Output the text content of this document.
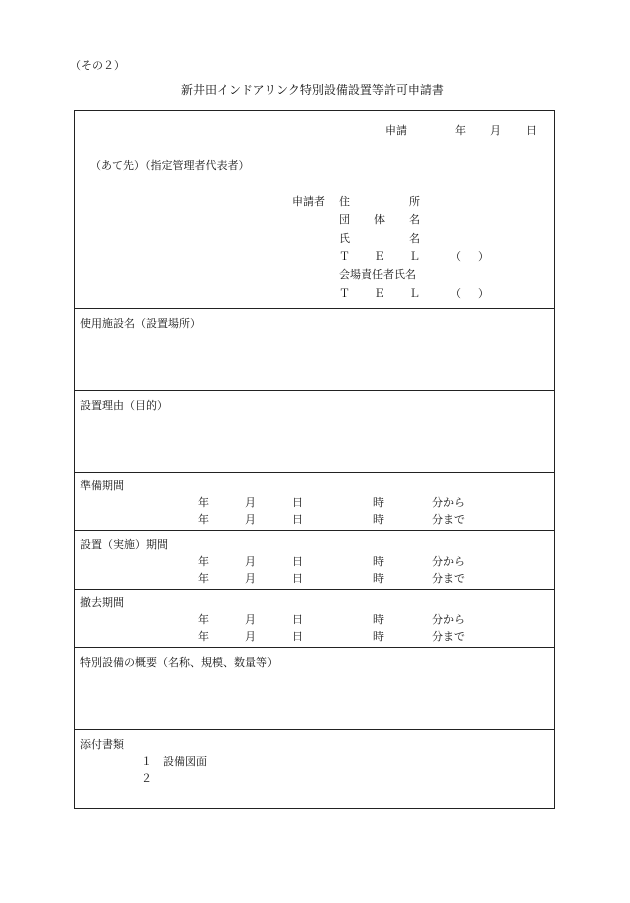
（その２）
新井田インドアリンク特別設備設置等許可申請書
申請	年 月 日
（あて先）（指定管理者代表者）
申請者 住	所
団 体 名
氏	名
Ｔ Ｅ Ｌ	（ ）
会場責任者氏名
Ｔ Ｅ Ｌ	（ ）
使用施設名（設置場所）
設置理由（目的）
準備期間
年	月	日	時	分から
年	月	日	時	分まで
設置（実施）期間
年	月	日	時	分から
年	月	日	時	分まで
撤去期間
年	月	日	時	分から
年	月	日	時	分まで
特別設備の概要（名称、規模、数量等）
添付書類
１ 設備図面
２
